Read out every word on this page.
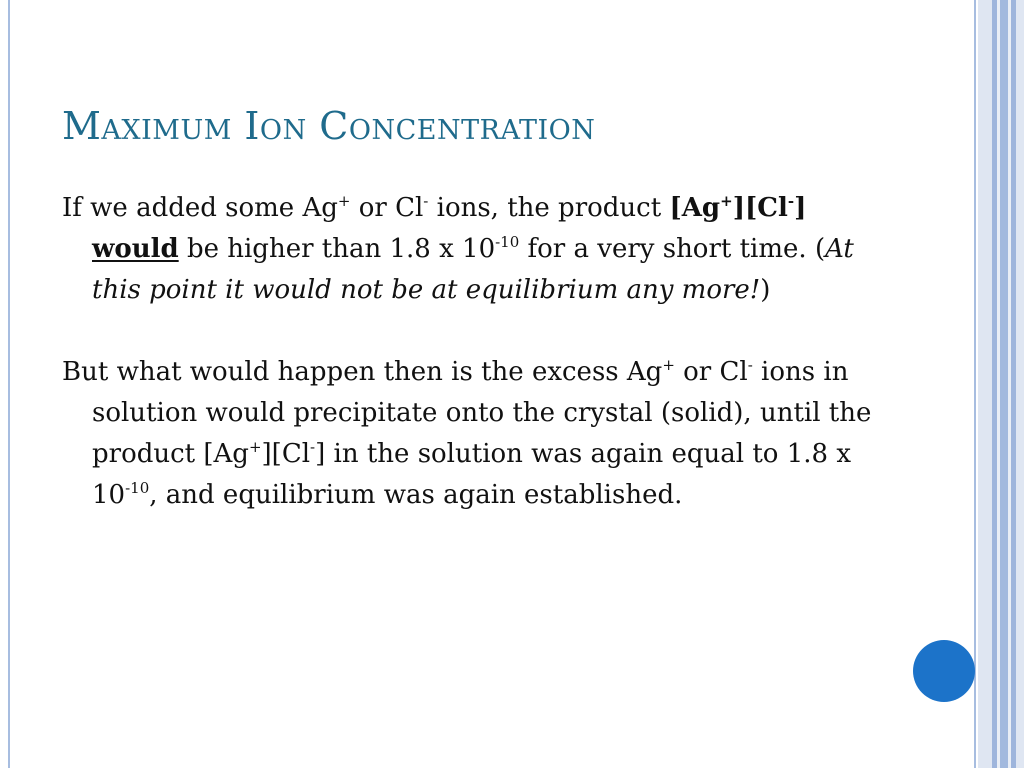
Maximum Ion Concentration

If we added some Ag+ or Cl- ions, the product [Ag+][Cl-] would be higher than 1.8 x $10^{-10}$ for a very short time. (At this point it would not be at equilibrium any more!)

But what would happen then is the excess Ag+ or Cl- ions in solution would precipitate onto the crystal (solid), until the product [Ag+][Cl-] in the solution was again equal to 1.8 x $10^{-10}$, and equilibrium was again established.
